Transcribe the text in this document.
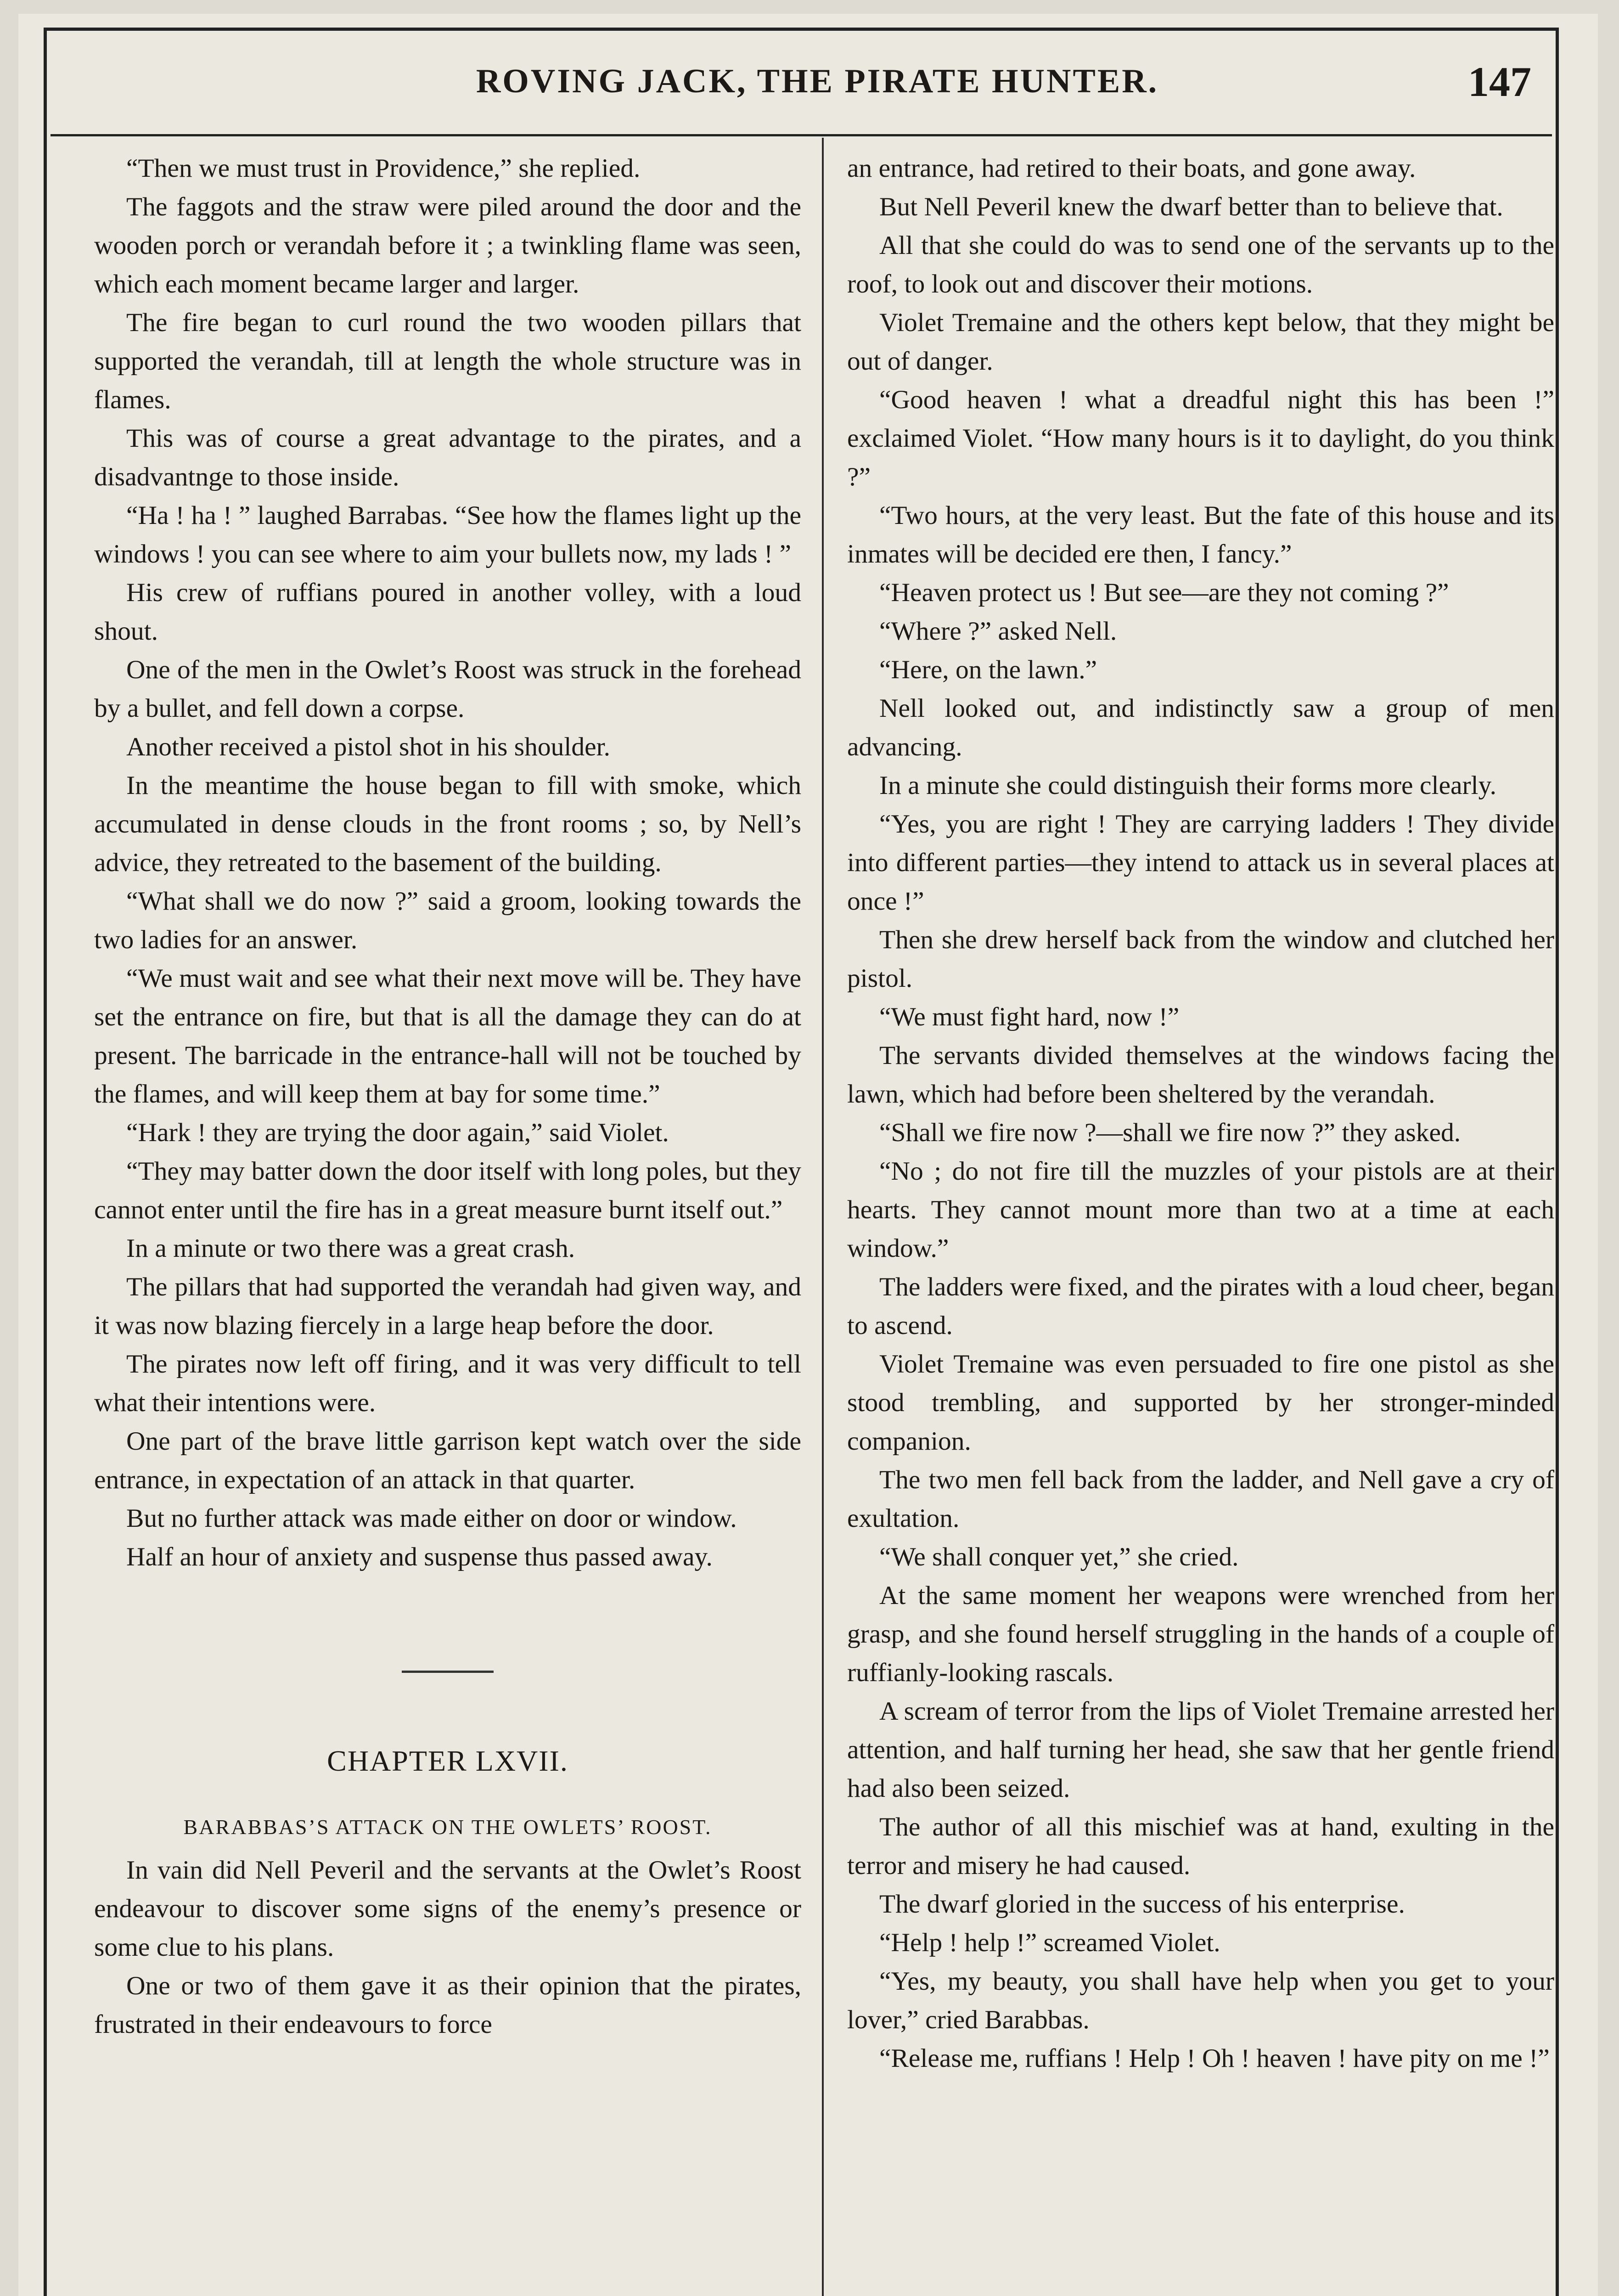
ROVING JACK, THE PIRATE HUNTER.	147

“Then we must trust in Providence,” she replied.

The faggots and the straw were piled around the door and the wooden porch or verandah before it ; a twinkling flame was seen, which each moment became larger and larger.

The fire began to curl round the two wooden pillars that supported the verandah, till at length the whole structure was in flames.

This was of course a great advantage to the pirates, and a disadvantnge to those inside.

“Ha ! ha ! ” laughed Barrabas. “See how the flames light up the windows ! you can see where to aim your bullets now, my lads ! ”

His crew of ruffians poured in another volley, with a loud shout.

One of the men in the Owlet’s Roost was struck in the forehead by a bullet, and fell down a corpse.

Another received a pistol shot in his shoulder.

In the meantime the house began to fill with smoke, which accumulated in dense clouds in the front rooms ; so, by Nell’s advice, they retreated to the basement of the building.

“What shall we do now ?” said a groom, looking towards the two ladies for an answer.

“We must wait and see what their next move will be. They have set the entrance on fire, but that is all the damage they can do at present. The barricade in the entrance-hall will not be touched by the flames, and will keep them at bay for some time.”

“Hark ! they are trying the door again,” said Violet.

“They may batter down the door itself with long poles, but they cannot enter until the fire has in a great measure burnt itself out.”

In a minute or two there was a great crash.

The pillars that had supported the verandah had given way, and it was now blazing fiercely in a large heap before the door.

The pirates now left off firing, and it was very difficult to tell what their intentions were.

One part of the brave little garrison kept watch over the side entrance, in expectation of an attack in that quarter.

But no further attack was made either on door or window.

Half an hour of anxiety and suspense thus passed away.

CHAPTER LXVII.
BARABBAS’S ATTACK ON THE OWLETS’ ROOST.

In vain did Nell Peveril and the servants at the Owlet’s Roost endeavour to discover some signs of the enemy’s presence or some clue to his plans.

One or two of them gave it as their opinion that the pirates, frustrated in their endeavours to force

an entrance, had retired to their boats, and gone away.

But Nell Peveril knew the dwarf better than to believe that.

All that she could do was to send one of the servants up to the roof, to look out and discover their motions.

Violet Tremaine and the others kept below, that they might be out of danger.

“Good heaven ! what a dreadful night this has been !” exclaimed Violet. “How many hours is it to daylight, do you think ?”

“Two hours, at the very least. But the fate of this house and its inmates will be decided ere then, I fancy.”

“Heaven protect us ! But see—are they not coming ?”

“Where ?” asked Nell.

“Here, on the lawn.”

Nell looked out, and indistinctly saw a group of men advancing.

In a minute she could distinguish their forms more clearly.

“Yes, you are right ! They are carrying ladders ! They divide into different parties—they intend to attack us in several places at once !”

Then she drew herself back from the window and clutched her pistol.

“We must fight hard, now !”

The servants divided themselves at the windows facing the lawn, which had before been sheltered by the verandah.

“Shall we fire now ?—shall we fire now ?” they asked.

“No ; do not fire till the muzzles of your pistols are at their hearts. They cannot mount more than two at a time at each window.”

The ladders were fixed, and the pirates with a loud cheer, began to ascend.

Violet Tremaine was even persuaded to fire one pistol as she stood trembling, and supported by her stronger-minded companion.

The two men fell back from the ladder, and Nell gave a cry of exultation.

“We shall conquer yet,” she cried.

At the same moment her weapons were wrenched from her grasp, and she found herself struggling in the hands of a couple of ruffianly-looking rascals.

A scream of terror from the lips of Violet Tremaine arrested her attention, and half turning her head, she saw that her gentle friend had also been seized.

The author of all this mischief was at hand, exulting in the terror and misery he had caused.

The dwarf gloried in the success of his enterprise.

“Help ! help !” screamed Violet.

“Yes, my beauty, you shall have help when you get to your lover,” cried Barabbas.

“Release me, ruffians ! Help ! Oh ! heaven ! have pity on me !”
